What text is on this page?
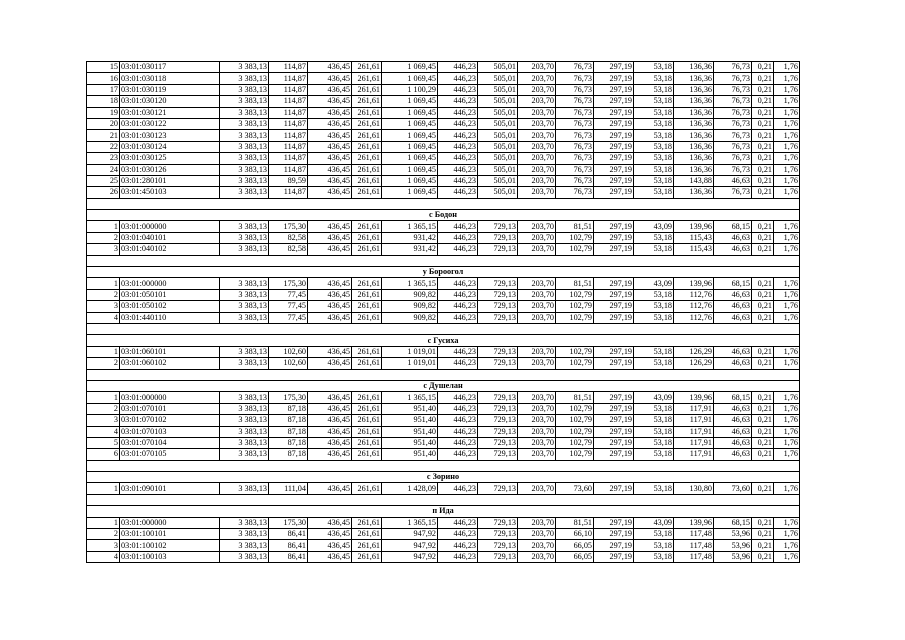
15	03:01:030117	3 383,13	114,87	436,45	261,61	1 069,45	446,23	505,01	203,70	76,73	297,19	53,18	136,36	76,73	0,21	1,76
16	03:01:030118	3 383,13	114,87	436,45	261,61	1 069,45	446,23	505,01	203,70	76,73	297,19	53,18	136,36	76,73	0,21	1,76
17	03:01:030119	3 383,13	114,87	436,45	261,61	1 100,29	446,23	505,01	203,70	76,73	297,19	53,18	136,36	76,73	0,21	1,76
18	03:01:030120	3 383,13	114,87	436,45	261,61	1 069,45	446,23	505,01	203,70	76,73	297,19	53,18	136,36	76,73	0,21	1,76
19	03:01:030121	3 383,13	114,87	436,45	261,61	1 069,45	446,23	505,01	203,70	76,73	297,19	53,18	136,36	76,73	0,21	1,76
20	03:01:030122	3 383,13	114,87	436,45	261,61	1 069,45	446,23	505,01	203,70	76,73	297,19	53,18	136,36	76,73	0,21	1,76
21	03:01:030123	3 383,13	114,87	436,45	261,61	1 069,45	446,23	505,01	203,70	76,73	297,19	53,18	136,36	76,73	0,21	1,76
22	03:01:030124	3 383,13	114,87	436,45	261,61	1 069,45	446,23	505,01	203,70	76,73	297,19	53,18	136,36	76,73	0,21	1,76
23	03:01:030125	3 383,13	114,87	436,45	261,61	1 069,45	446,23	505,01	203,70	76,73	297,19	53,18	136,36	76,73	0,21	1,76
24	03:01:030126	3 383,13	114,87	436,45	261,61	1 069,45	446,23	505,01	203,70	76,73	297,19	53,18	136,36	76,73	0,21	1,76
25	03:01:280101	3 383,13	89,59	436,45	261,61	1 069,45	446,23	505,01	203,70	76,73	297,19	53,18	143,88	46,63	0,21	1,76
26	03:01:450103	3 383,13	114,87	436,45	261,61	1 069,45	446,23	505,01	203,70	76,73	297,19	53,18	136,36	76,73	0,21	1,76

с Бодон																
1	03:01:000000	3 383,13	175,30	436,45	261,61	1 365,15	446,23	729,13	203,70	81,51	297,19	43,09	139,96	68,15	0,21	1,76
2	03:01:040101	3 383,13	82,58	436,45	261,61	931,42	446,23	729,13	203,70	102,79	297,19	53,18	115,43	46,63	0,21	1,76
3	03:01:040102	3 383,13	82,58	436,45	261,61	931,42	446,23	729,13	203,70	102,79	297,19	53,18	115,43	46,63	0,21	1,76

у Бороогол																
1	03:01:000000	3 383,13	175,30	436,45	261,61	1 365,15	446,23	729,13	203,70	81,51	297,19	43,09	139,96	68,15	0,21	1,76
2	03:01:050101	3 383,13	77,45	436,45	261,61	909,82	446,23	729,13	203,70	102,79	297,19	53,18	112,76	46,63	0,21	1,76
3	03:01:050102	3 383,13	77,45	436,45	261,61	909,82	446,23	729,13	203,70	102,79	297,19	53,18	112,76	46,63	0,21	1,76
4	03:01:440110	3 383,13	77,45	436,45	261,61	909,82	446,23	729,13	203,70	102,79	297,19	53,18	112,76	46,63	0,21	1,76

с Гусиха																
1	03:01:060101	3 383,13	102,60	436,45	261,61	1 019,01	446,23	729,13	203,70	102,79	297,19	53,18	126,29	46,63	0,21	1,76
2	03:01:060102	3 383,13	102,60	436,45	261,61	1 019,01	446,23	729,13	203,70	102,79	297,19	53,18	126,29	46,63	0,21	1,76

с Душелан																
1	03:01:000000	3 383,13	175,30	436,45	261,61	1 365,15	446,23	729,13	203,70	81,51	297,19	43,09	139,96	68,15	0,21	1,76
2	03:01:070101	3 383,13	87,18	436,45	261,61	951,40	446,23	729,13	203,70	102,79	297,19	53,18	117,91	46,63	0,21	1,76
3	03:01:070102	3 383,13	87,18	436,45	261,61	951,40	446,23	729,13	203,70	102,79	297,19	53,18	117,91	46,63	0,21	1,76
4	03:01:070103	3 383,13	87,18	436,45	261,61	951,40	446,23	729,13	203,70	102,79	297,19	53,18	117,91	46,63	0,21	1,76
5	03:01:070104	3 383,13	87,18	436,45	261,61	951,40	446,23	729,13	203,70	102,79	297,19	53,18	117,91	46,63	0,21	1,76
6	03:01:070105	3 383,13	87,18	436,45	261,61	951,40	446,23	729,13	203,70	102,79	297,19	53,18	117,91	46,63	0,21	1,76

с Зорино																
1	03:01:090101	3 383,13	111,04	436,45	261,61	1 428,09	446,23	729,13	203,70	73,60	297,19	53,18	130,80	73,60	0,21	1,76

п Ида																
1	03:01:000000	3 383,13	175,30	436,45	261,61	1 365,15	446,23	729,13	203,70	81,51	297,19	43,09	139,96	68,15	0,21	1,76
2	03:01:100101	3 383,13	86,41	436,45	261,61	947,92	446,23	729,13	203,70	66,10	297,19	53,18	117,48	53,96	0,21	1,76
3	03:01:100102	3 383,13	86,41	436,45	261,61	947,92	446,23	729,13	203,70	66,05	297,19	53,18	117,48	53,96	0,21	1,76
4	03:01:100103	3 383,13	86,41	436,45	261,61	947,92	446,23	729,13	203,70	66,05	297,19	53,18	117,48	53,96	0,21	1,76
